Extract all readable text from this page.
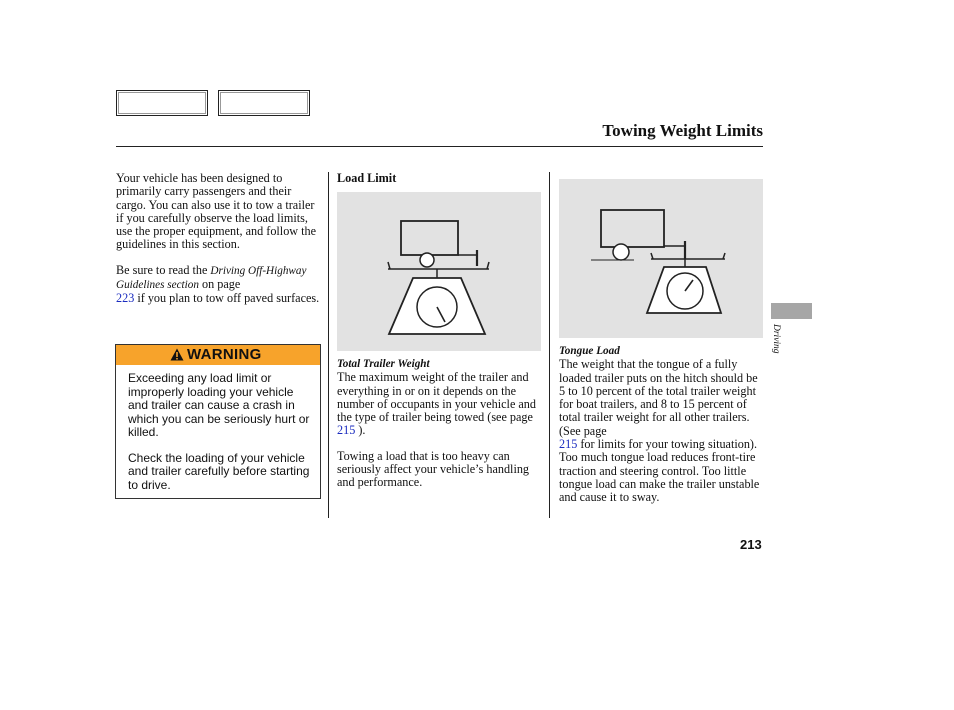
Towing Weight Limits

Your vehicle has been designed to primarily carry passengers and their cargo. You can also use it to tow a trailer if you carefully observe the load limits, use the proper equipment, and follow the guidelines in this section.

Be sure to read the Driving Off-Highway Guidelines section on page
223 if you plan to tow off paved surfaces.

WARNING

Exceeding any load limit or improperly loading your vehicle and trailer can cause a crash in which you can be seriously hurt or killed.

Check the loading of your vehicle and trailer carefully before starting to drive.

Load Limit
Total Trailer Weight

The maximum weight of the trailer and everything in or on it depends on the number of occupants in your vehicle and the type of trailer being towed (see page 215 ).

Towing a load that is too heavy can seriously affect your vehicle’s handling and performance.

Tongue Load

The weight that the tongue of a fully loaded trailer puts on the hitch should be 5 to 10 percent of the total trailer weight for boat trailers, and 8 to 15 percent of total trailer weight for all other trailers. (See page
215 for limits for your towing situation). Too much tongue load reduces front-tire traction and steering control. Too little tongue load can make the trailer unstable and cause it to sway.

Driving
213
